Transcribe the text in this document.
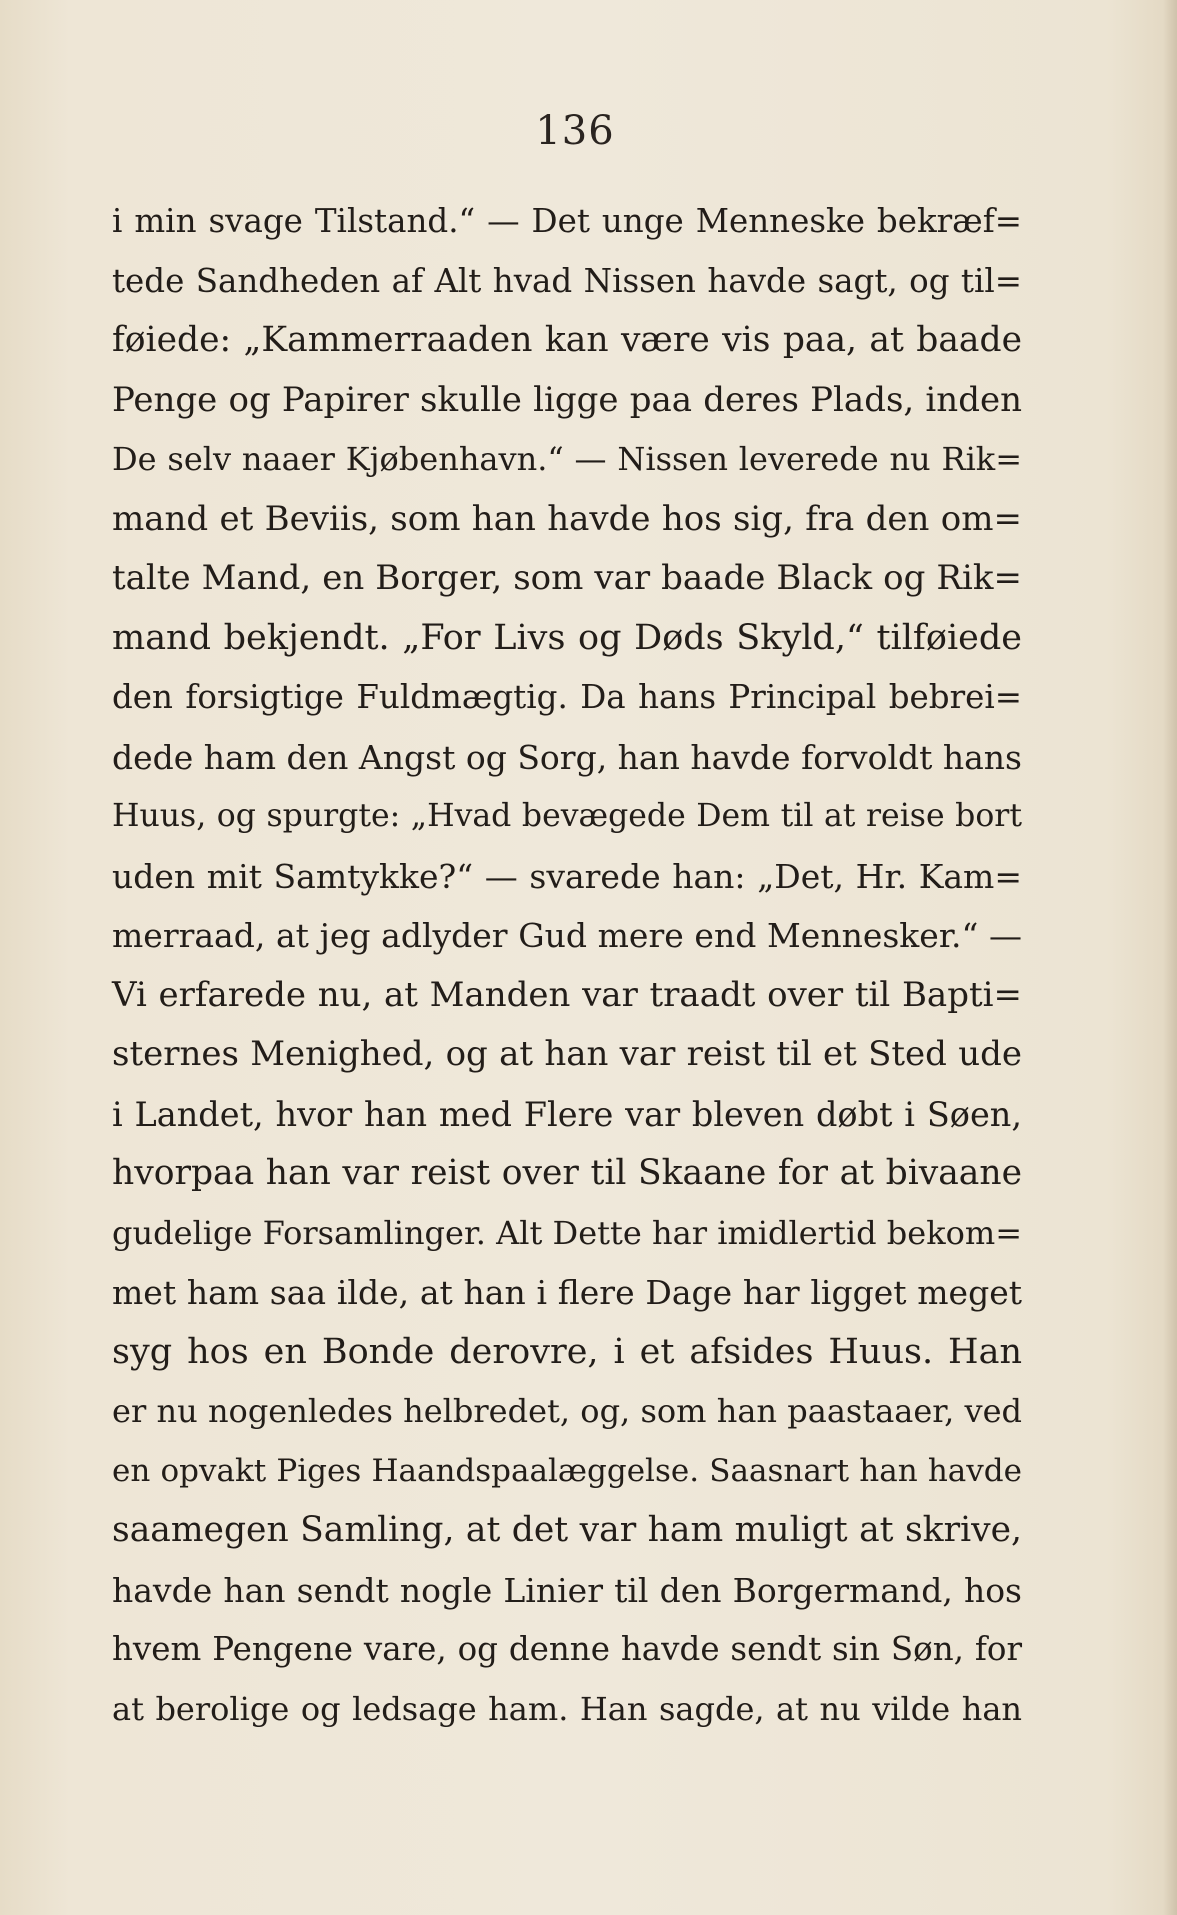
136
i min svage Tilstand.“ — Det unge Menneske bekræf=
tede Sandheden af Alt hvad Nissen havde sagt, og til=
føiede: „Kammerraaden kan være vis paa, at baade
Penge og Papirer skulle ligge paa deres Plads, inden
De selv naaer Kjøbenhavn.“ — Nissen leverede nu Rik=
mand et Beviis, som han havde hos sig, fra den om=
talte Mand, en Borger, som var baade Black og Rik=
mand bekjendt. „For Livs og Døds Skyld,“ tilføiede
den forsigtige Fuldmægtig. Da hans Principal bebrei=
dede ham den Angst og Sorg, han havde forvoldt hans
Huus, og spurgte: „Hvad bevægede Dem til at reise bort
uden mit Samtykke?“ — svarede han: „Det, Hr. Kam=
merraad, at jeg adlyder Gud mere end Mennesker.“ —
Vi erfarede nu, at Manden var traadt over til Bapti=
sternes Menighed, og at han var reist til et Sted ude
i Landet, hvor han med Flere var bleven døbt i Søen,
hvorpaa han var reist over til Skaane for at bivaane
gudelige Forsamlinger. Alt Dette har imidlertid bekom=
met ham saa ilde, at han i flere Dage har ligget meget
syg hos en Bonde derovre, i et afsides Huus. Han
er nu nogenledes helbredet, og, som han paastaaer, ved
en opvakt Piges Haandspaalæggelse. Saasnart han havde
saamegen Samling, at det var ham muligt at skrive,
havde han sendt nogle Linier til den Borgermand, hos
hvem Pengene vare, og denne havde sendt sin Søn, for
at berolige og ledsage ham. Han sagde, at nu vilde han
